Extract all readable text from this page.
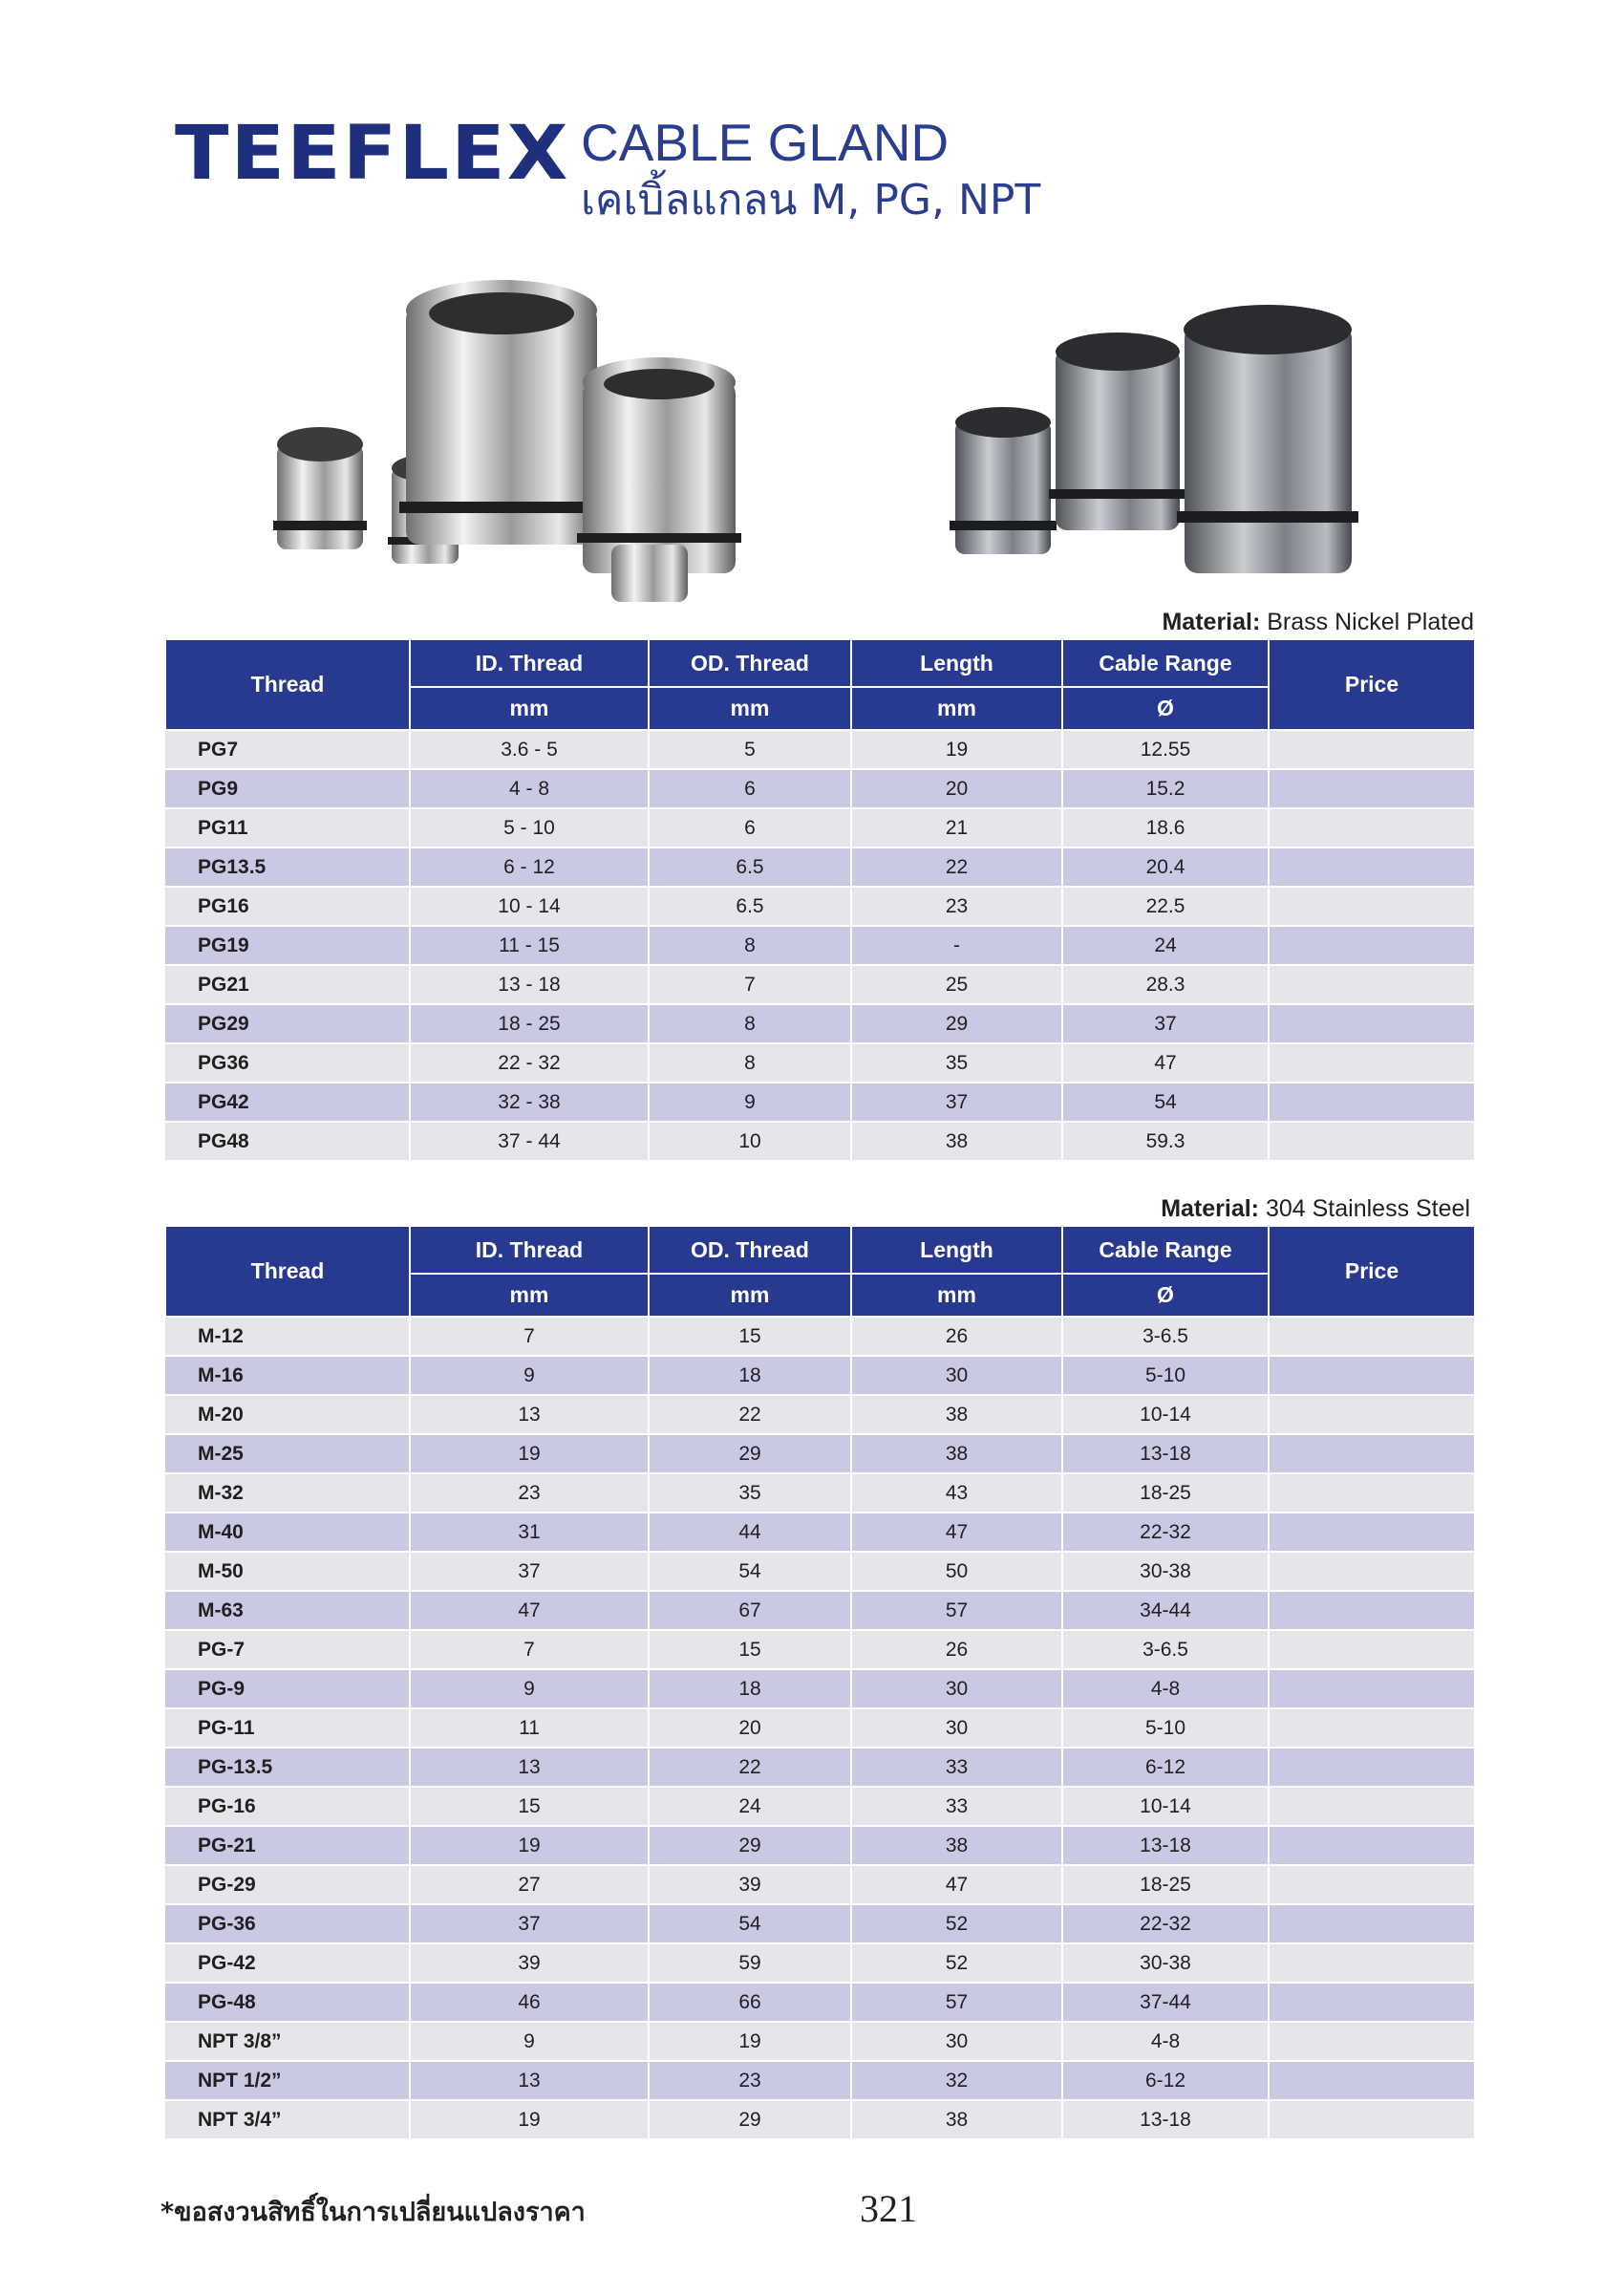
TEEFLEX CABLE GLAND
เคเบิ้ลแกลน M, PG, NPT
Material: Brass Nickel Plated
Thread	ID. Thread	OD. Thread	Length	Cable Range	Price
	mm	mm	mm	Ø	
PG7	3.6 - 5	5	19	12.55	
PG9	4 - 8	6	20	15.2	
PG11	5 - 10	6	21	18.6	
PG13.5	6 - 12	6.5	22	20.4	
PG16	10 - 14	6.5	23	22.5	
PG19	11 - 15	8	-	24	
PG21	13 - 18	7	25	28.3	
PG29	18 - 25	8	29	37	
PG36	22 - 32	8	35	47	
PG42	32 - 38	9	37	54	
PG48	37 - 44	10	38	59.3	
Material: 304 Stainless Steel
Thread	ID. Thread	OD. Thread	Length	Cable Range	Price
	mm	mm	mm	Ø	
M-12	7	15	26	3-6.5	
M-16	9	18	30	5-10	
M-20	13	22	38	10-14	
M-25	19	29	38	13-18	
M-32	23	35	43	18-25	
M-40	31	44	47	22-32	
M-50	37	54	50	30-38	
M-63	47	67	57	34-44	
PG-7	7	15	26	3-6.5	
PG-9	9	18	30	4-8	
PG-11	11	20	30	5-10	
PG-13.5	13	22	33	6-12	
PG-16	15	24	33	10-14	
PG-21	19	29	38	13-18	
PG-29	27	39	47	18-25	
PG-36	37	54	52	22-32	
PG-42	39	59	52	30-38	
PG-48	46	66	57	37-44	
NPT 3/8”	9	19	30	4-8	
NPT 1/2”	13	23	32	6-12	
NPT 3/4”	19	29	38	13-18	
*ขอสงวนสิทธิ์ในการเปลี่ยนแปลงราคา	321
